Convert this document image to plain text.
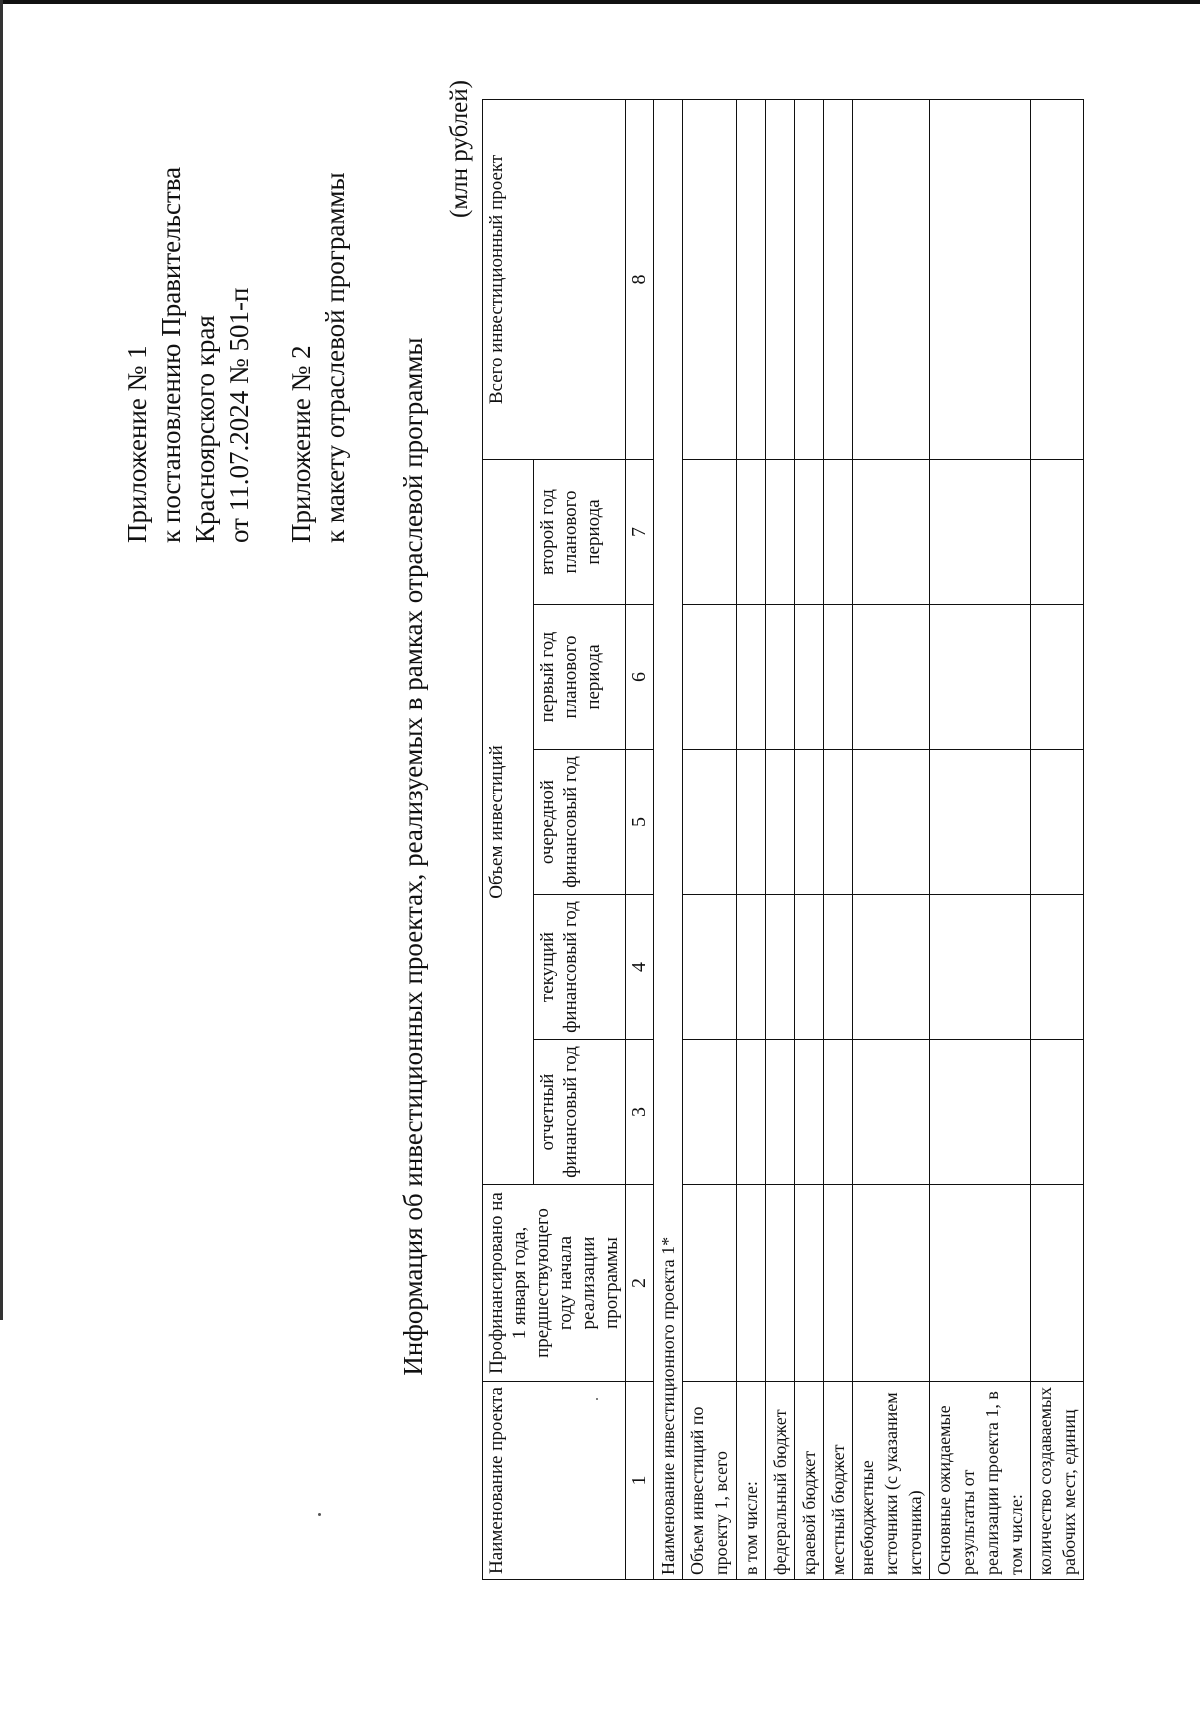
Приложение № 1 к постановлению Правительства Красноярского края от 11.07.2024 № 501-п Приложение № 2 к макету отраслевой программы Информация об инвестиционных проектах, реализуемых в рамках отраслевой программы
(млн рублей)
Наименование проекта	Профинансировано на 1 января года, предшествующего году начала реализации программы	Объем инвестиций					Всего инвестиционный проект
		отчетный финансовый год	текущий финансовый год	очередной финансовый год	первый год планового периода	второй год планового периода	
1	2	3	4	5	6	7	8
Наименование инвестиционного проекта 1*							
Объем инвестиций по проекту 1, всего							
в том числе:							
федеральный бюджет							
краевой бюджет							
местный бюджет							
внебюджетные источники (с указанием источника)							
Основные ожидаемые результаты от реализации проекта 1, в том числе:							
количество создаваемых рабочих мест, единиц							
